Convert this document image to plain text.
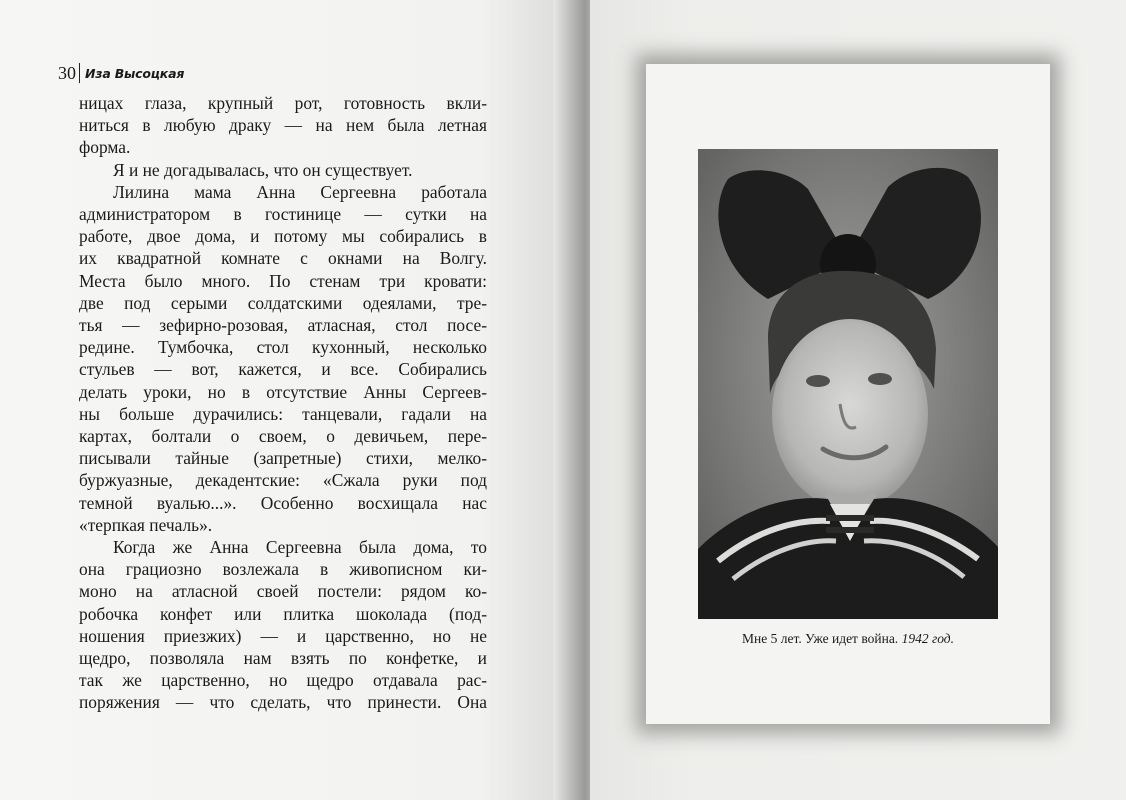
30 Иза Высоцкая
ницах глаза, крупный рот, готовность вкли-
ниться в любую драку — на нем была летная
форма.
Я и не догадывалась, что он существует.
Лилина мама Анна Сергеевна работала
администратором в гостинице — сутки на
работе, двое дома, и потому мы собирались в
их квадратной комнате с окнами на Волгу.
Места было много. По стенам три кровати:
две под серыми солдатскими одеялами, тре-
тья — зефирно-розовая, атласная, стол посе-
редине. Тумбочка, стол кухонный, несколько
стульев — вот, кажется, и все. Собирались
делать уроки, но в отсутствие Анны Сергеев-
ны больше дурачились: танцевали, гадали на
картах, болтали о своем, о девичьем, пере-
писывали тайные (запретные) стихи, мелко-
буржуазные, декадентские: «Сжала руки под
темной вуалью...». Особенно восхищала нас
«терпкая печаль».
Когда же Анна Сергеевна была дома, то
она грациозно возлежала в живописном ки-
моно на атласной своей постели: рядом ко-
робочка конфет или плитка шоколада (под-
ношения приезжих) — и царственно, но не
щедро, позволяла нам взять по конфетке, и
так же царственно, но щедро отдавала рас-
поряжения — что сделать, что принести. Она
Мне 5 лет. Уже идет война. 1942 год.
